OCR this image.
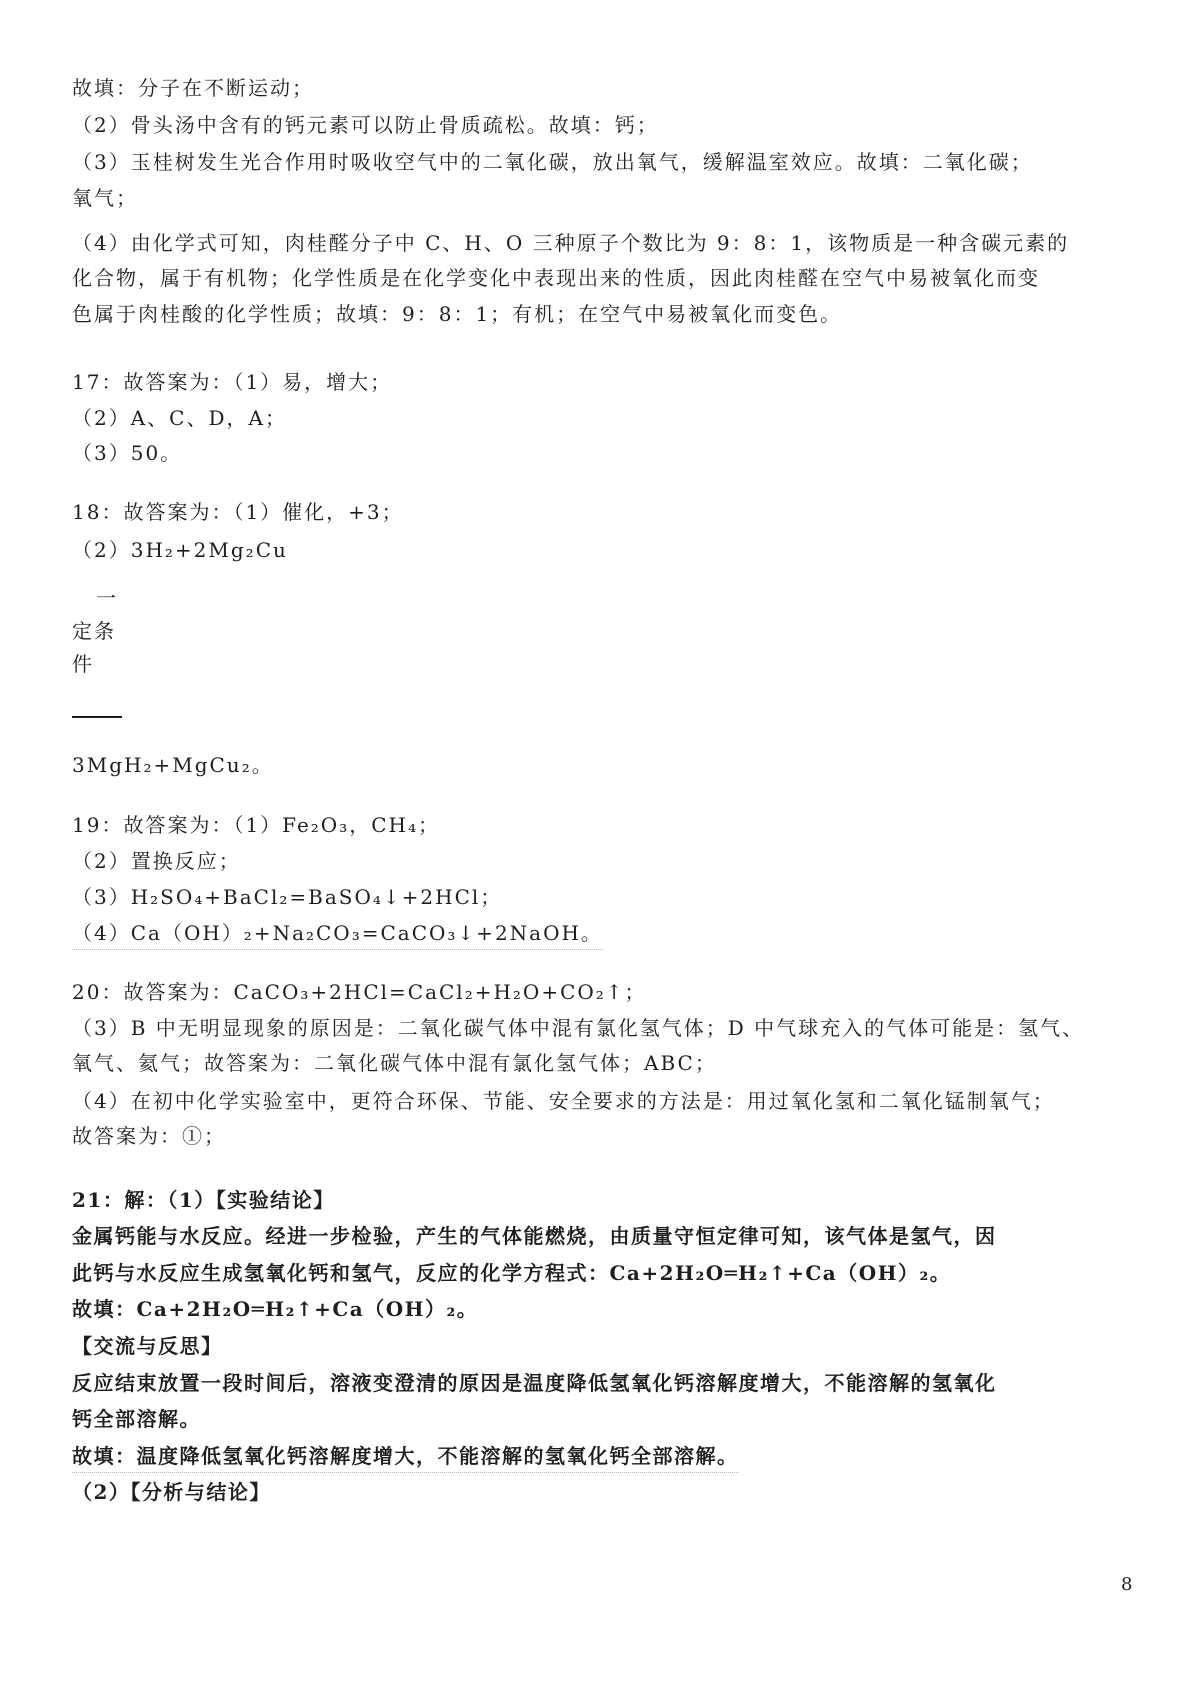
故填：分子在不断运动；

（2）骨头汤中含有的钙元素可以防止骨质疏松。故填：钙；

（3）玉桂树发生光合作用时吸收空气中的二氧化碳，放出氧气，缓解温室效应。故填：二氧化碳；

氧气；

（4）由化学式可知，肉桂醛分子中 C、H、O 三种原子个数比为 9：8：1，该物质是一种含碳元素的

化合物，属于有机物；化学性质是在化学变化中表现出来的性质，因此肉桂醛在空气中易被氧化而变

色属于肉桂酸的化学性质；故填：9：8：1；有机；在空气中易被氧化而变色。

17：故答案为：（1）易，增大；

（2）A、C、D，A；

（3）50。

18：故答案为：（1）催化，+3；

（2）3H₂+2Mg₂Cu

一

定条

件

3MgH₂+MgCu₂。

19：故答案为：（1）Fe₂O₃，CH₄；

（2）置换反应；

（3）H₂SO₄+BaCl₂=BaSO₄↓+2HCl；

（4）Ca（OH）₂+Na₂CO₃=CaCO₃↓+2NaOH。

20：故答案为：CaCO₃+2HCl=CaCl₂+H₂O+CO₂↑；

（3）B 中无明显现象的原因是：二氧化碳气体中混有氯化氢气体；D 中气球充入的气体可能是：氢气、

氧气、氦气；故答案为：二氧化碳气体中混有氯化氢气体；ABC；

（4）在初中化学实验室中，更符合环保、节能、安全要求的方法是：用过氧化氢和二氧化锰制氧气；

故答案为：①；

21：解：（1）【实验结论】

金属钙能与水反应。经进一步检验，产生的气体能燃烧，由质量守恒定律可知，该气体是氢气，因

此钙与水反应生成氢氧化钙和氢气，反应的化学方程式：Ca+2H₂O═H₂↑+Ca（OH）₂。

故填：Ca+2H₂O═H₂↑+Ca（OH）₂。

【交流与反思】

反应结束放置一段时间后，溶液变澄清的原因是温度降低氢氧化钙溶解度增大，不能溶解的氢氧化

钙全部溶解。

故填：温度降低氢氧化钙溶解度增大，不能溶解的氢氧化钙全部溶解。

（2）【分析与结论】

8
